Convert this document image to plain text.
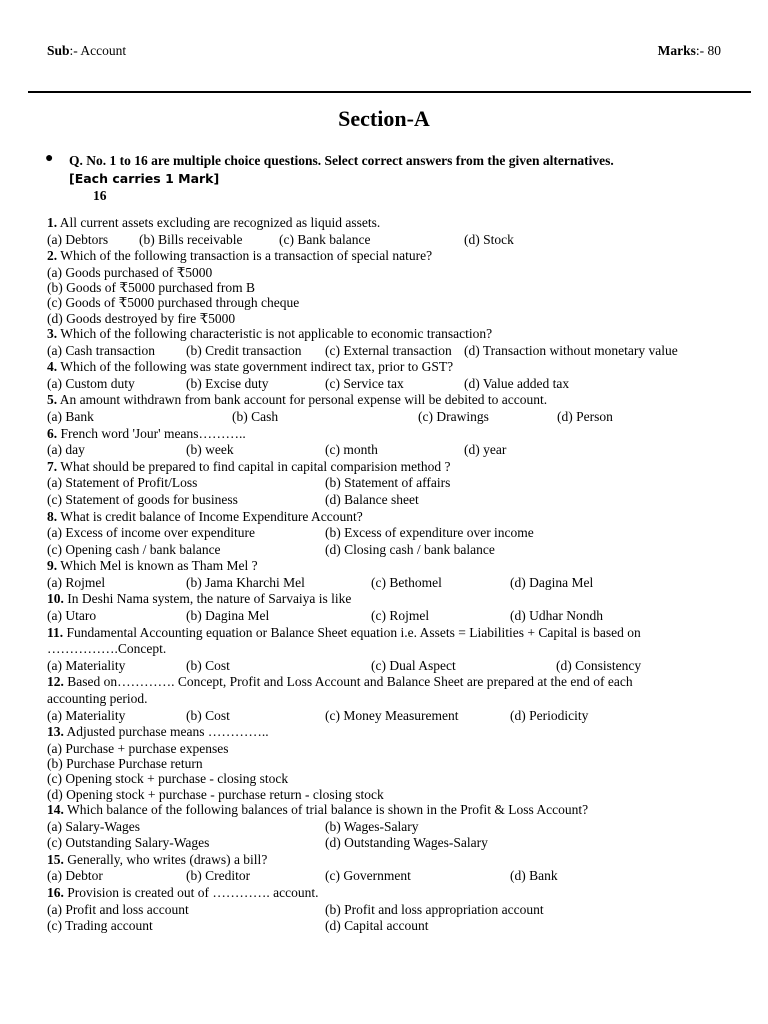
Sub:- Account	Marks:- 80
Section-A
●	Q. No. 1 to 16 are multiple choice questions. Select correct answers from the given alternatives.
[Each carries 1 Mark]
16
1. All current assets excluding are recognized as liquid assets.
(a) Debtors	(b) Bills receivable	(c) Bank balance	(d) Stock
2. Which of the following transaction is a transaction of special nature?
(a) Goods purchased of ₹5000
(b) Goods of ₹5000 purchased from B
(c) Goods of ₹5000 purchased through cheque
(d) Goods destroyed by fire ₹5000
3. Which of the following characteristic is not applicable to economic transaction?
(a) Cash transaction	(b) Credit transaction	(c) External transaction (d) Transaction without monetary value
4. Which of the following was state government indirect tax, prior to GST?
(a) Custom duty	(b) Excise duty	(c) Service tax	(d) Value added tax
5. An amount withdrawn from bank account for personal expense will be debited to account.
(a) Bank	(b) Cash	(c) Drawings	(d) Person
6. French word 'Jour' means………..
(a) day	(b) week	(c) month	(d) year
7. What should be prepared to find capital in capital comparision method ?
(a) Statement of Profit/Loss	(b) Statement of affairs
(c) Statement of goods for business	(d) Balance sheet
8. What is credit balance of Income Expenditure Account?
(a) Excess of income over expenditure	(b) Excess of expenditure over income
(c) Opening cash / bank balance	(d) Closing cash / bank balance
9. Which Mel is known as Tham Mel ?
(a) Rojmel	(b) Jama Kharchi Mel	(c) Bethomel	(d) Dagina Mel
10. In Deshi Nama system, the nature of Sarvaiya is like
(a) Utaro	(b) Dagina Mel	(c) Rojmel	(d) Udhar Nondh
11. Fundamental Accounting equation or Balance Sheet equation i.e. Assets = Liabilities + Capital is based on
…………….Concept.
(a) Materiality	(b) Cost	(c) Dual Aspect	(d) Consistency
12. Based on…………. Concept, Profit and Loss Account and Balance Sheet are prepared at the end of each
accounting period.
(a) Materiality	(b) Cost	(c) Money Measurement	(d) Periodicity
13. Adjusted purchase means …………..
(a) Purchase + purchase expenses
(b) Purchase Purchase return
(c) Opening stock + purchase - closing stock
(d) Opening stock + purchase - purchase return - closing stock
14. Which balance of the following balances of trial balance is shown in the Profit & Loss Account?
(a) Salary-Wages	(b) Wages-Salary
(c) Outstanding Salary-Wages	(d) Outstanding Wages-Salary
15. Generally, who writes (draws) a bill?
(a) Debtor	(b) Creditor	(c) Government	(d) Bank
16. Provision is created out of …………. account.
(a) Profit and loss account	(b) Profit and loss appropriation account
(c) Trading account	(d) Capital account
